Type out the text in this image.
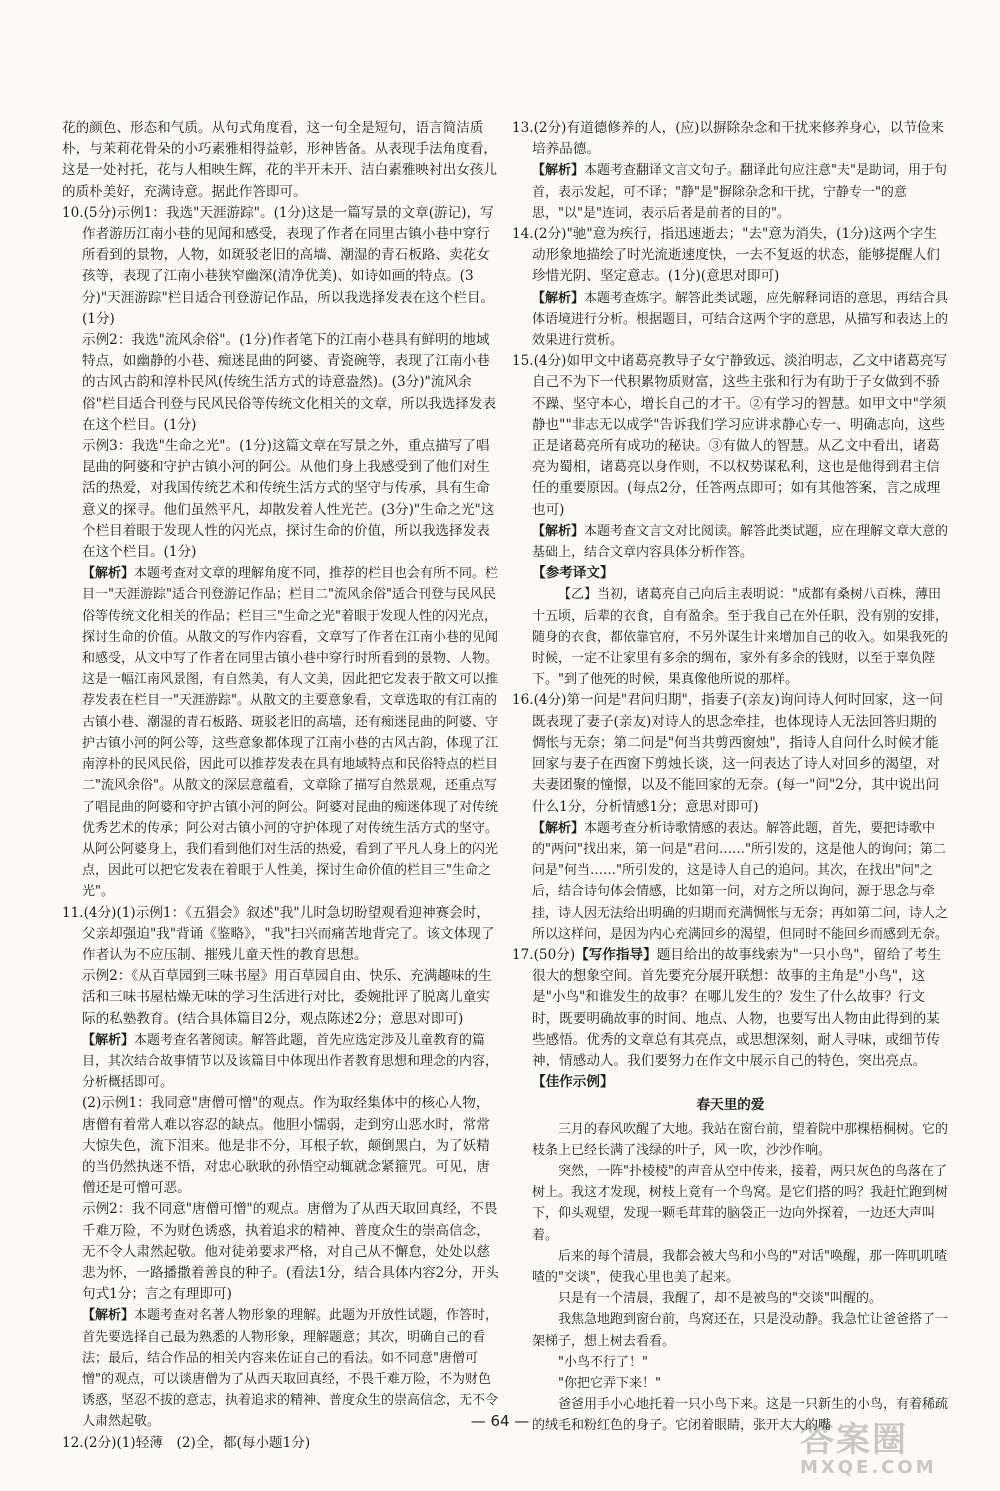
花的颜色、形态和气质。从句式角度看，这一句全是短句，语言简洁质朴，与茉莉花骨朵的小巧素雅相得益彰，形神皆备。从表现手法角度看，这是一处衬托，花与人相映生辉，花的半开未开、洁白素雅映衬出女孩儿的质朴美好，充满诗意。据此作答即可。

10.(5分)示例1：我选"天涯游踪"。(1分)这是一篇写景的文章(游记)，写作者游历江南小巷的见闻和感受，表现了作者在同里古镇小巷中穿行所看到的景物，人物，如斑驳老旧的高墙、潮湿的青石板路、卖花女孩等，表现了江南小巷狭窄幽深(清净优美)、如诗如画的特点。(3分)"天涯游踪"栏目适合刊登游记作品，所以我选择发表在这个栏目。(1分)

示例2：我选"流风余俗"。(1分)作者笔下的江南小巷具有鲜明的地域特点，如幽静的小巷、痴迷昆曲的阿婆、青瓷碗等，表现了江南小巷的古风古韵和淳朴民风(传统生活方式的诗意盎然)。(3分)"流风余俗"栏目适合刊登与民风民俗等传统文化相关的文章，所以我选择发表在这个栏目。(1分)

示例3：我选"生命之光"。(1分)这篇文章在写景之外，重点描写了唱昆曲的阿婆和守护古镇小河的阿公。从他们身上我感受到了他们对生活的热爱，对我国传统艺术和传统生活方式的坚守与传承，具有生命意义的探寻。他们虽然平凡，却散发着人性光芒。(3分)"生命之光"这个栏目着眼于发现人性的闪光点，探讨生命的价值，所以我选择发表在这个栏目。(1分)

【解析】本题考查对文章的理解角度不同，推荐的栏目也会有所不同。栏目一"天涯游踪"适合刊登游记作品；栏目二"流风余俗"适合刊登与民风民俗等传统文化相关的作品；栏目三"生命之光"着眼于发现人性的闪光点，探讨生命的价值。从散文的写作内容看，文章写了作者在江南小巷的见闻和感受，从文中写了作者在同里古镇小巷中穿行时所看到的景物、人物。这是一幅江南风景图，有自然美，有人文美，因此把它发表于散文可以推荐发表在栏目一"天涯游踪"。从散文的主要意象看，文章选取的有江南的古镇小巷、潮湿的青石板路、斑驳老旧的高墙，还有痴迷昆曲的阿婆、守护古镇小河的阿公等，这些意象都体现了江南小巷的古风古韵，体现了江南淳朴的民风民俗，因此可以推荐发表在具有地域特点和民俗特点的栏目二"流风余俗"。从散文的深层意蕴看，文章除了描写自然景观，还重点写了唱昆曲的阿婆和守护古镇小河的阿公。阿婆对昆曲的痴迷体现了对传统优秀艺术的传承；阿公对古镇小河的守护体现了对传统生活方式的坚守。从阿公阿婆身上，我们看到他们对生活的热爱，看到了平凡人身上的闪光点，因此可以把它发表在着眼于人性美，探讨生命价值的栏目三"生命之光"。

11.(4分)(1)示例1：《五猖会》叙述"我"儿时急切盼望观看迎神赛会时，父亲却强迫"我"背诵《鉴略》，"我"扫兴而痛苦地背完了。该文体现了作者认为不应压制、摧残儿童天性的教育思想。

示例2：《从百草园到三味书屋》用百草园自由、快乐、充满趣味的生活和三味书屋枯燥无味的学习生活进行对比，委婉批评了脱离儿童实际的私塾教育。(结合具体篇目2分，观点陈述2分；意思对即可)

【解析】本题考查名著阅读。解答此题，首先应选定涉及儿童教育的篇目，其次结合故事情节以及该篇目中体现出作者教育思想和理念的内容，分析概括即可。

(2)示例1：我同意"唐僧可憎"的观点。作为取经集体中的核心人物，唐僧有着常人难以容忍的缺点。他胆小懦弱，走到穷山恶水时，常常大惊失色，流下泪来。他是非不分，耳根子软，颠倒黑白，为了妖精的当仍然执迷不悟，对忠心耿耿的孙悟空动辄就念紧箍咒。可见，唐僧还是可憎可恶。

示例2：我不同意"唐僧可憎"的观点。唐僧为了从西天取回真经，不畏千难万险，不为财色诱惑，执着追求的精神、普度众生的崇高信念，无不令人肃然起敬。他对徒弟要求严格，对自己从不懈怠，处处以慈悲为怀，一路播撒着善良的种子。(看法1分，结合具体内容2分，开头句式1分；言之有理即可)

【解析】本题考查对名著人物形象的理解。此题为开放性试题，作答时，首先要选择自己最为熟悉的人物形象，理解题意；其次，明确自己的看法；最后，结合作品的相关内容来佐证自己的看法。如不同意"唐僧可憎"的观点，可以谈唐僧为了从西天取回真经，不畏千难万险，不为财色诱惑，坚忍不拔的意志，执着追求的精神、普度众生的崇高信念，无不令人肃然起敬。

12.(2分)(1)轻薄　(2)全，都(每小题1分)
13.(2分)有道德修养的人，(应)以摒除杂念和干扰来修养身心，以节俭来培养品德。

【解析】本题考查翻译文言文句子。翻译此句应注意"夫"是助词，用于句首，表示发起，可不译；"静"是"摒除杂念和干扰，宁静专一"的意思，"以"是"连词，表示后者是前者的目的"。

14.(2分)"驰"意为疾行，指迅速逝去；"去"意为消失，(1分)这两个字生动形象地描绘了时光流逝速度快，一去不复返的状态，能够提醒人们珍惜光阴、坚定意志。(1分)(意思对即可)

【解析】本题考查炼字。解答此类试题，应先解释词语的意思，再结合具体语境进行分析。根据题目，可结合这两个字的意思，从描写和表达上的效果进行赏析。

15.(4分)如甲文中诸葛亮教导子女宁静致远、淡泊明志，乙文中诸葛亮写自己不为下一代积累物质财富，这些主张和行为有助于子女做到不骄不躁、坚守本心，增长自己的才干。②有学习的智慧。如甲文中"学须静也""非志无以成学"告诉我们学习应讲求静心专一、明确志向，这些正是诸葛亮所有成功的秘诀。③有做人的智慧。从乙文中看出，诸葛亮为蜀相，诸葛亮以身作则，不以权势谋私利，这也是他得到君主信任的重要原因。(每点2分，任答两点即可；如有其他答案，言之成理也可)

【解析】本题考查文言文对比阅读。解答此类试题，应在理解文章大意的基础上，结合文章内容具体分析作答。

【参考译文】

【乙】当初，诸葛亮自己向后主表明说："成都有桑树八百株，薄田十五顷，后辈的衣食，自有盈余。至于我自己在外任职，没有别的安排，随身的衣食，都依靠官府，不另外谋生计来增加自己的收入。如果我死的时候，一定不让家里有多余的绸布，家外有多余的钱财，以至于辜负陛下。"到了他死的时候，果真像他所说的那样。

16.(4分)第一问是"君问归期"，指妻子(亲友)询问诗人何时回家，这一问既表现了妻子(亲友)对诗人的思念牵挂，也体现诗人无法回答归期的惆怅与无奈；第二问是"何当共剪西窗烛"，指诗人自问什么时候才能回家与妻子在西窗下剪烛长谈，这一问表达了诗人对回乡的渴望，对夫妻团聚的憧憬，以及不能回家的无奈。(每一"问"2分，其中说出问什么1分，分析情感1分；意思对即可)

【解析】本题考查分析诗歌情感的表达。解答此题，首先，要把诗歌中的"两问"找出来，第一问是"君问……"所引发的，这是他人的询问；第二问是"何当……"所引发的，这是诗人自己的追问。其次，在找出"问"之后，结合诗句体会情感，比如第一问，对方之所以询问，源于思念与牵挂，诗人因无法给出明确的归期而充满惆怅与无奈；再如第二问，诗人之所以这样问，是因为内心充满回乡的渴望，但同时不能回乡而感到无奈。

17.(50分)【写作指导】题目给出的故事线索为"一只小鸟"，留给了考生很大的想象空间。首先要充分展开联想：故事的主角是"小鸟"，这是"小鸟"和谁发生的故事？在哪儿发生的？发生了什么故事？行文时，既要明确故事的时间、地点、人物，也要写出人物由此得到的某些感悟。优秀的文章总有其亮点，或思想深刻，耐人寻味，或细节传神，情感动人。我们要努力在作文中展示自己的特色，突出亮点。

【佳作示例】

春天里的爱

三月的春风吹醒了大地。我站在窗台前，望着院中那棵梧桐树。它的枝条上已经长满了浅绿的叶子，风一吹，沙沙作响。

突然，一阵"扑棱棱"的声音从空中传来，接着，两只灰色的鸟落在了树上。我这才发现，树枝上竟有一个鸟窝。是它们搭的吗？我赶忙跑到树下，仰头观望，发现一颗毛茸茸的脑袋正一边向外探着，一边还大声叫着。

后来的每个清晨，我都会被大鸟和小鸟的"对话"唤醒，那一阵叽叽喳喳的"交谈"，使我心里也美了起来。

只是有一个清晨，我醒了，却不是被鸟的"交谈"叫醒的。

我焦急地跑到窗台前，鸟窝还在，只是没动静。我急忙让爸爸搭了一架梯子，想上树去看看。

"小鸟不行了！"

"你把它弄下来！"

爸爸用手小心地托着一只小鸟下来。这是一只新生的小鸟，有着稀疏的绒毛和粉红色的身子。它闭着眼睛，张开大大的嘴

— 64 —	答案圈
MXQE.COM
